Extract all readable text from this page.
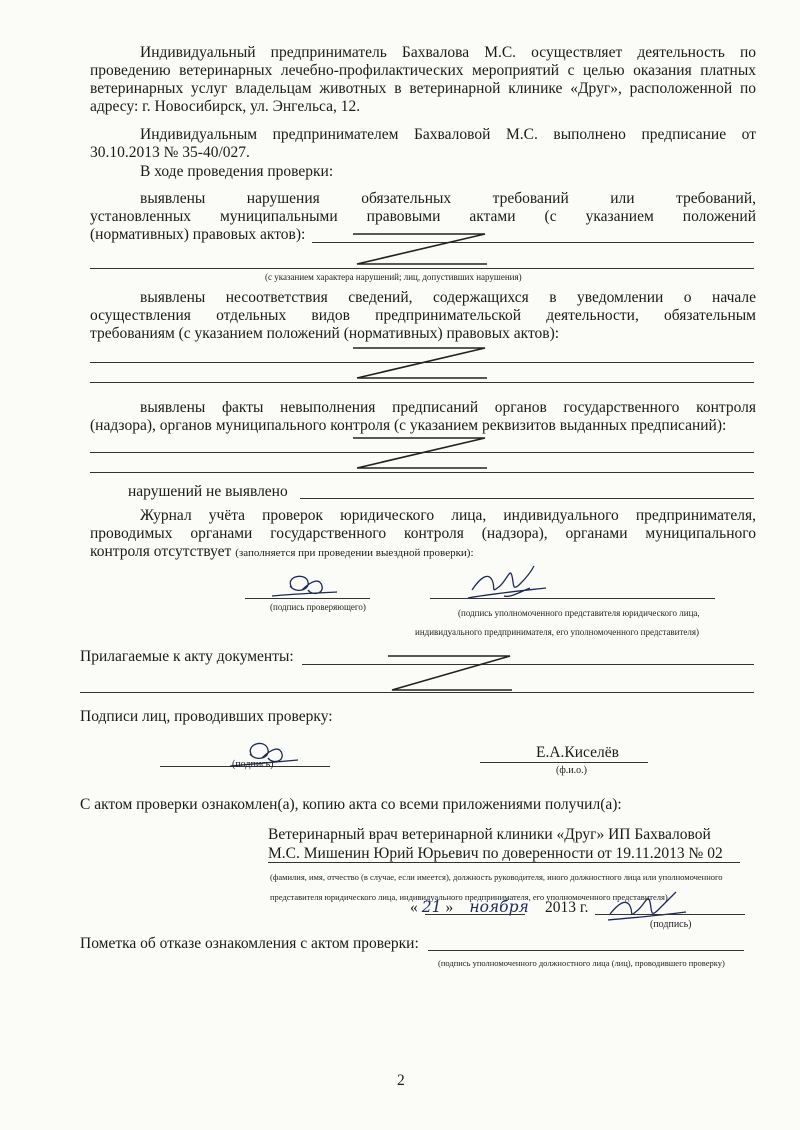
Индивидуальный предприниматель Бахвалова М.С. осуществляет деятельность по
проведению ветеринарных лечебно-профилактических мероприятий с целью оказания платных
ветеринарных услуг владельцам животных в ветеринарной клинике «Друг», расположенной по
адресу: г. Новосибирск, ул. Энгельса, 12.
Индивидуальным предпринимателем Бахваловой М.С. выполнено предписание от
30.10.2013 № 35-40/027.
В ходе проведения проверки:
выявлены нарушения обязательных требований или требований,
установленных муниципальными правовыми актами (с указанием положений
(нормативных) правовых актов):
(с указанием характера нарушений; лиц, допустивших нарушения)
выявлены несоответствия сведений, содержащихся в уведомлении о начале
осуществления отдельных видов предпринимательской деятельности, обязательным
требованиям (с указанием положений (нормативных) правовых актов):
выявлены факты невыполнения предписаний органов государственного контроля
(надзора), органов муниципального контроля (с указанием реквизитов выданных предписаний):
нарушений не выявлено
Журнал учёта проверок юридического лица, индивидуального предпринимателя,
проводимых органами государственного контроля (надзора), органами муниципального
контроля отсутствует (заполняется при проведении выездной проверки):
(подпись проверяющего)
(подпись уполномоченного представителя юридического лица,
индивидуального предпринимателя, его уполномоченного представителя)
Прилагаемые к акту документы:
Подписи лиц, проводивших проверку:
(подпись)
Е.А.Киселёв
(ф.и.о.)
С актом проверки ознакомлен(а), копию акта со всеми приложениями получил(а):
Ветеринарный врач ветеринарной клиники «Друг» ИП Бахваловой
М.С. Мишенин Юрий Юрьевич по доверенности от 19.11.2013 № 02
(фамилия, имя, отчество (в случае, если имеется), должность руководителя, иного должностного лица или уполномоченного
представителя юридического лица, индивидуального предпринимателя, его уполномоченного представителя)
« 21 » ноября 2013 г.
(подпись)
Пометка об отказе ознакомления с актом проверки:
(подпись уполномоченного должностного лица (лиц), проводившего проверку)
2
